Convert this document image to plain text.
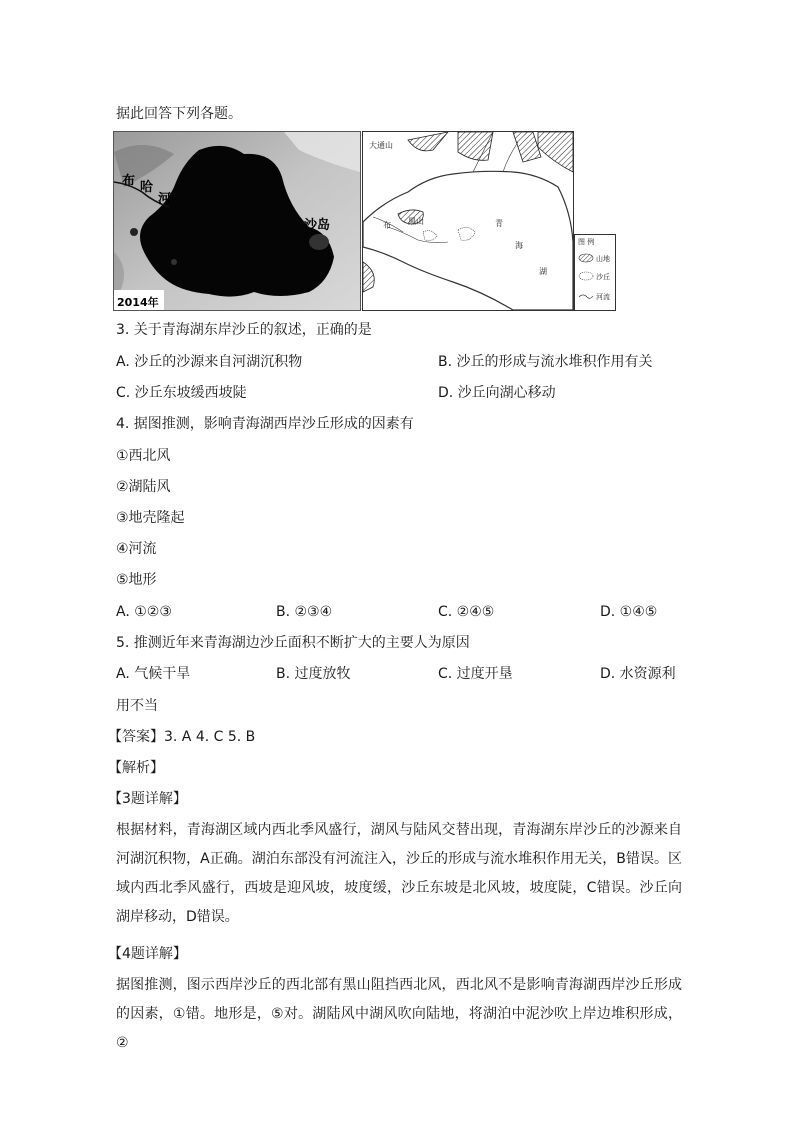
据此回答下列各题。
布 哈
河
沙岛
2014年
大通山
黑山
布	青
海
湖
图 例
山地
沙丘
河流
3. 关于青海湖东岸沙丘的叙述，正确的是
A. 沙丘的沙源来自河湖沉积物	B. 沙丘的形成与流水堆积作用有关
C. 沙丘东坡缓西坡陡	D. 沙丘向湖心移动
4. 据图推测，影响青海湖西岸沙丘形成的因素有
①西北风
②湖陆风
③地壳隆起
④河流
⑤地形
A. ①②③	B. ②③④	C. ②④⑤	D. ①④⑤
5. 推测近年来青海湖边沙丘面积不断扩大的主要人为原因
A. 气候干旱	B. 过度放牧	C. 过度开垦	D. 水资源利
用不当
【答案】3. A 4. C 5. B
【解析】
【3题详解】
根据材料，青海湖区域内西北季风盛行，湖风与陆风交替出现，青海湖东岸沙丘的沙源来自河湖沉积物，A正确。湖泊东部没有河流注入，沙丘的形成与流水堆积作用无关，B错误。区域内西北季风盛行，西坡是迎风坡，坡度缓，沙丘东坡是北风坡，坡度陡，C错误。沙丘向湖岸移动，D错误。
【4题详解】
据图推测，图示西岸沙丘的西北部有黑山阻挡西北风，西北风不是影响青海湖西岸沙丘形成的因素，①错。地形是，⑤对。湖陆风中湖风吹向陆地，将湖泊中泥沙吹上岸边堆积形成，②
